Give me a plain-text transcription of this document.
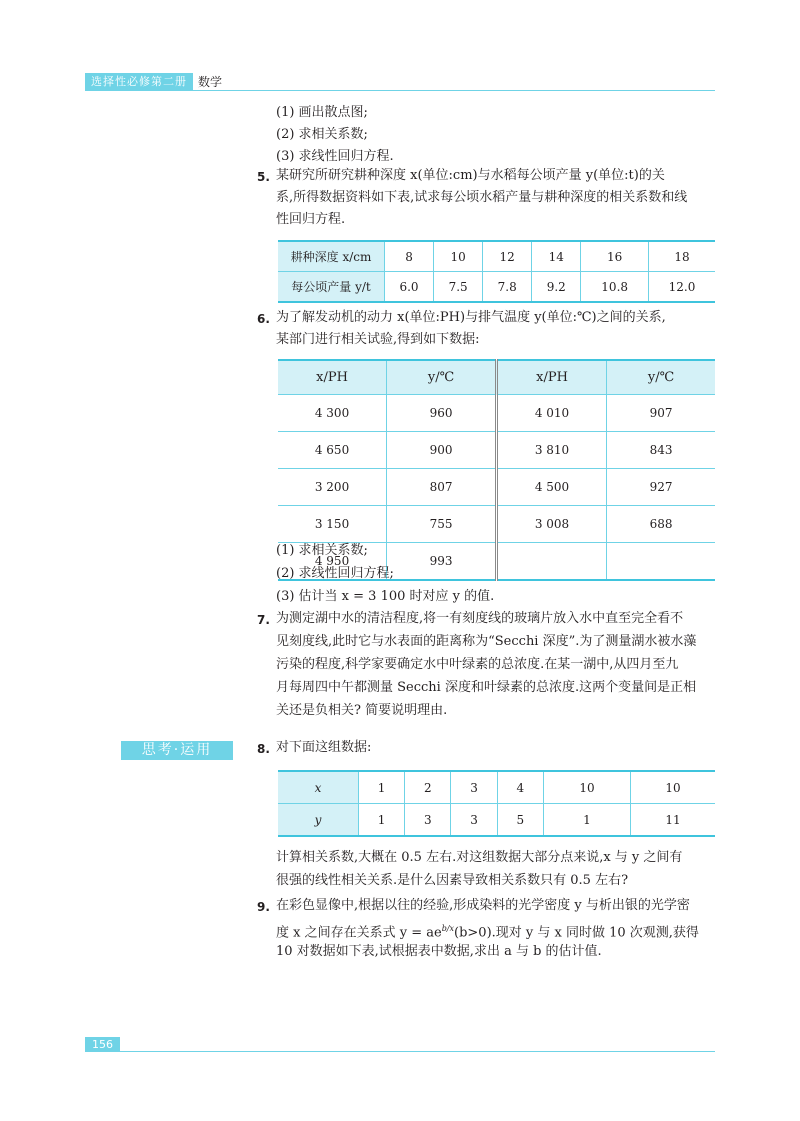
选择性必修第二册 数学
(1) 画出散点图;
(2) 求相关系数;
(3) 求线性回归方程.
5. 某研究所研究耕种深度 x(单位:cm)与水稻每公顷产量 y(单位:t)的关
系,所得数据资料如下表,试求每公顷水稻产量与耕种深度的相关系数和线
性回归方程.
耕种深度 x/cm	8	10	12	14	16	18
每公顷产量 y/t	6.0	7.5	7.8	9.2	10.8	12.0
6. 为了解发动机的动力 x(单位:PH)与排气温度 y(单位:℃)之间的关系,
某部门进行相关试验,得到如下数据:
x/PH	y/℃	x/PH	y/℃
4 300	960	4 010	907
4 650	900	3 810	843
3 200	807	4 500	927
3 150	755	3 008	688
4 950	993		
(1) 求相关系数;
(2) 求线性回归方程;
(3) 估计当 x = 3 100 时对应 y 的值.
7. 为测定湖中水的清洁程度,将一有刻度线的玻璃片放入水中直至完全看不
见刻度线,此时它与水表面的距离称为“Secchi 深度”.为了测量湖水被水藻
污染的程度,科学家要确定水中叶绿素的总浓度.在某一湖中,从四月至九
月每周四中午都测量 Secchi 深度和叶绿素的总浓度.这两个变量间是正相
关还是负相关? 简要说明理由.
思考·运用	8. 对下面这组数据:
x	1	2	3	4	10	10
y	1	3	3	5	1	11
计算相关系数,大概在 0.5 左右.对这组数据大部分点来说,x 与 y 之间有
很强的线性相关关系.是什么因素导致相关系数只有 0.5 左右?
9. 在彩色显像中,根据以往的经验,形成染料的光学密度 y 与析出银的光学密
度 x 之间存在关系式 $y = ae^{b/x}(b>0)$.现对 y 与 x 同时做 10 次观测,获得
10 对数据如下表,试根据表中数据,求出 a 与 b 的估计值.
156
